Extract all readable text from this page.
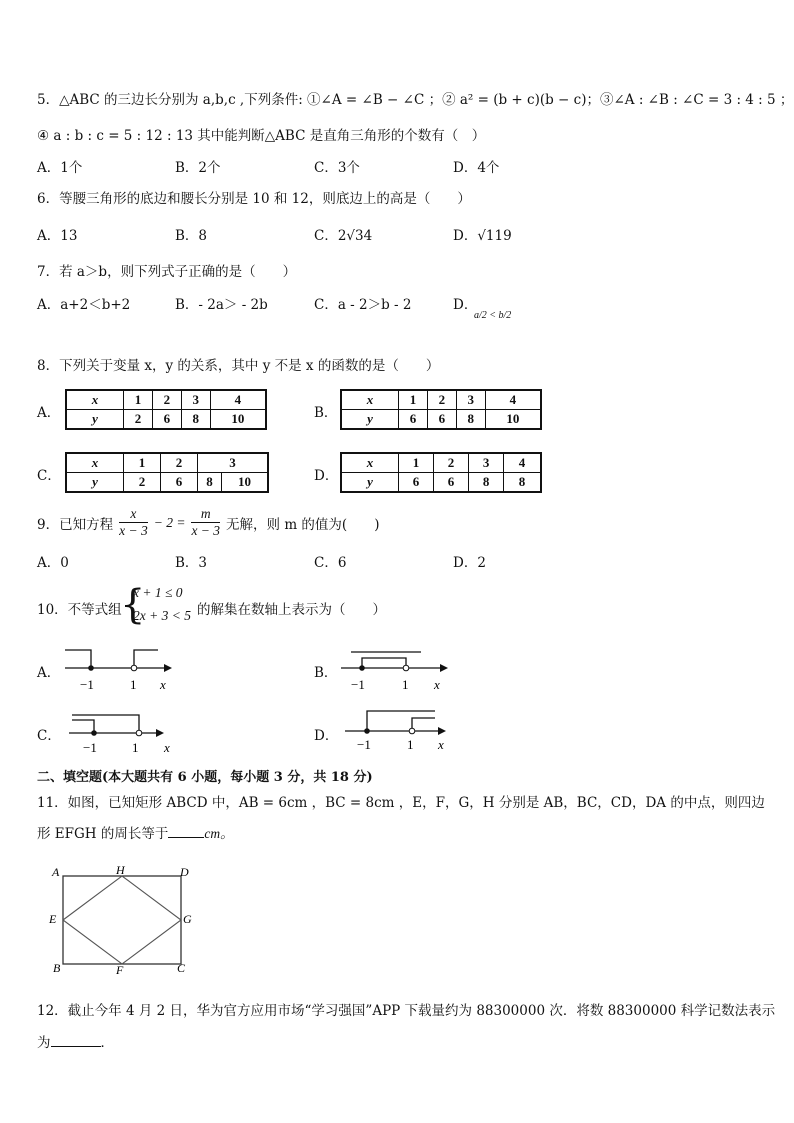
5．△ABC 的三边长分别为 a,b,c ,下列条件: ①∠A = ∠B − ∠C ；② a² = (b + c)(b − c)；③∠A : ∠B : ∠C = 3 : 4 : 5 ；
④ a : b : c = 5 : 12 : 13 其中能判断△ABC 是直角三角形的个数有（　）
A．1个	B．2个	C．3个	D．4个
6．等腰三角形的底边和腰长分别是 10 和 12，则底边上的高是（　　）
A．13	B．8	C．2√34	D．√119
7．若 a＞b，则下列式子正确的是（　　）
A．a+2＜b+2	B．- 2a＞ - 2b	C．a - 2＞b - 2	D．
a/2 < b/2
8．下列关于变量 x，y 的关系，其中 y 不是 x 的函数的是（　　）
A．	B．
C．	D．
x	1	2	3	4
y	2	6	8	10
x	1	2	3	4
y	6	6	8	10
x	1	2	3	
y	2	6	8	10
x	1	2	3	4
y	6	6	8	8
9．已知方程 $\frac{x}{x - 3} - 2 = \frac{m}{x - 3}$ 无解，则 m 的值为(　　)
A．0	B．3	C．6	D．2
10．不等式组
{
x + 1 ≤ 0
2x + 3 < 5 的解集在数轴上表示为（　　）
A．	B．
C．	D．
−1	1 x	−1	1 x
−1	1 x	−1	1 x
二、填空题(本大题共有 6 小题，每小题 3 分，共 18 分)
11．如图，已知矩形 ABCD 中，AB = 6cm ，BC = 8cm ，E，F，G，H 分别是 AB，BC，CD，DA 的中点，则四边
形 EFGH 的周长等于	cm。
A	H	D
E	G
B	F	C
12．截止今年 4 月 2 日，华为官方应用市场“学习强国”APP 下载量约为 88300000 次．将数 88300000 科学记数法表示
为	．
